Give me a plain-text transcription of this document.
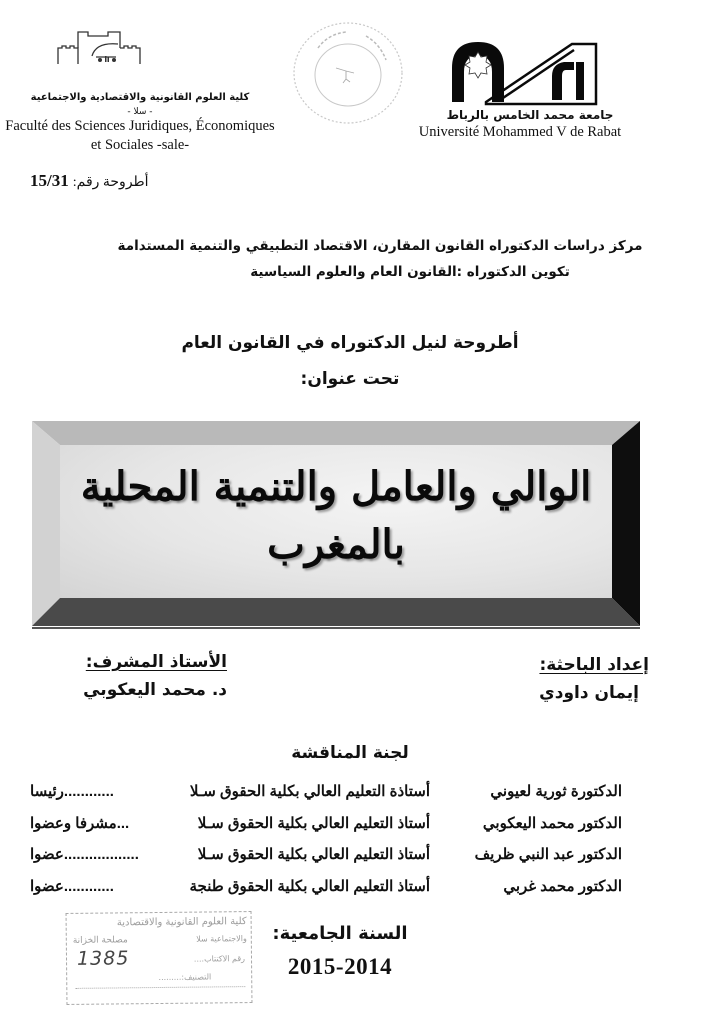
كلية العلوم القانونية والاقتصادية والاجتماعية
- سلا -
Faculté des Sciences Juridiques, Économiques
et Sociales -sale-
جامعة محمد الخامس بالرباط
Université Mohammed V de Rabat
أطروحة رقم: 15/31
مركز دراسات الدكتوراه القانون المقارن، الاقتصاد التطبيقي والتنمية المستدامة
تكوين الدكتوراه :القانون العام والعلوم السياسية
أطروحة لنيل الدكتوراه في القانون العام
تحت عنوان:
الوالي والعامل والتنمية المحلية
بالمغرب
إعداد الباحثة:
إيمان داودي
الأستاذ المشرف:
د. محمد اليعكوبي
لجنة المناقشة
الدكتورة ثورية لعيوني
أستاذة التعليم العالي بكلية الحقوق سـلا
............رئيسا
الدكتور محمد اليعكوبي
أستاذ التعليم العالي بكلية الحقوق سـلا
...مشرفا وعضوا
الدكتور عبد النبي ظريف
أستاذ التعليم العالي بكلية الحقوق سـلا
..................عضوا
الدكتور محمد غربي
أستاذ التعليم العالي بكلية الحقوق طنجة
............عضوا
السنة الجامعية:
2015-2014
كلية العلوم القانونية والاقتصادية
والاجتماعية سلا
مصلحة الخزانة
1385	رقم الاكتتاب....
التصنيف:.........
